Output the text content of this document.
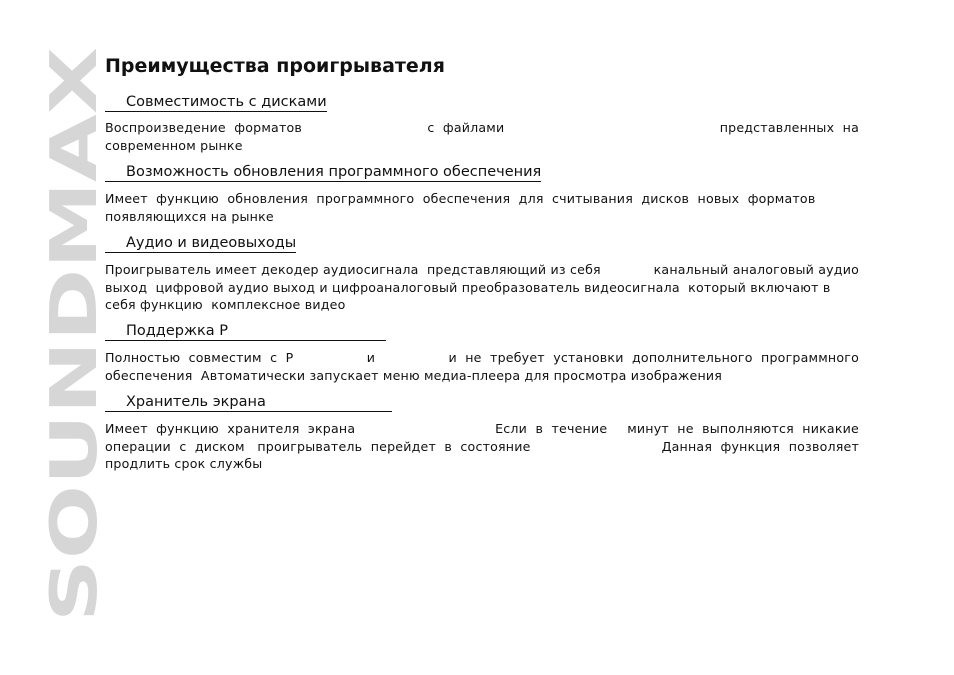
SOUNDMAX
Преимущества проигрывателя
Совместимость с дисками
Воспроизведение  форматов	с  файлами	представленных  на
современном рынке
Возможность обновления программного обеспечения
Имеет  функцию  обновления  программного  обеспечения  для  считывания  дисков  новых  форматов
появляющихся на рынке
Аудио и видеовыходы
Проигрыватель имеет декодер аудиосигнала  представляющий из себя	канальный аналоговый аудио
выход  цифровой аудио выход и цифроаналоговый преобразователь видеосигнала  который включают в
себя функцию  комплексное видео
Поддержка Р
Полностью  совместим  с  Р	и	и  не  требует  установки  дополнительного  программного
обеспечения  Автоматически запускает меню медиа-плеера для просмотра изображения
Хранитель экрана
Имеет  функцию  хранителя  экрана	Если  в  течение минут  не  выполняются  никакие
операции  с  диском   проигрыватель  перейдет  в  состояние	Данная  функция  позволяет
продлить срок службы
